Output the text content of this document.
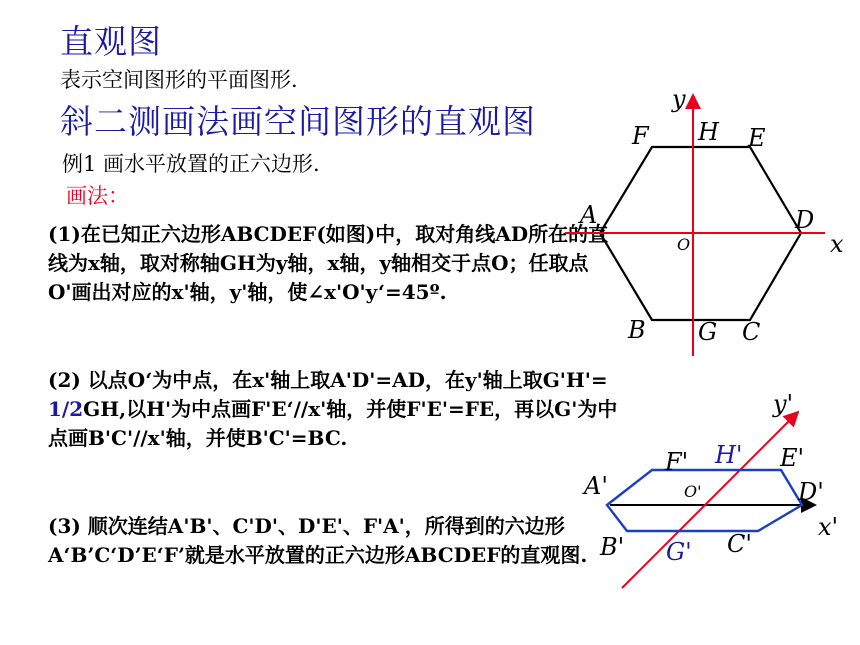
直观图
表示空间图形的平面图形.
斜二测画法画空间图形的直观图
例1 画水平放置的正六边形.
画法：
(1)在已知正六边形ABCDEF(如图)中，取对角线AD所在的直线为x轴，取对称轴GH为y轴，x轴，y轴相交于点O；任取点O'画出对应的x'轴，y'轴，使∠x'O'y‘=45º.
(2) 以点O‘为中点，在x'轴上取A'D'=AD，在y'轴上取G'H'= 1/2GH,以H'为中点画F'E‘//x'轴，并使F'E'=FE，再以G'为中点画B'C'//x'轴，并使B'C'=BC.
(3) 顺次连结A'B'、C'D'、D'E'、F'A'，所得到的六边形A‘B’C‘D’E‘F’就是水平放置的正六边形ABCDEF的直观图.
y
F H E
A	D
O	x
B G C
y'
F' H' E'
A'	O'	D'
x'
B' G' C'
